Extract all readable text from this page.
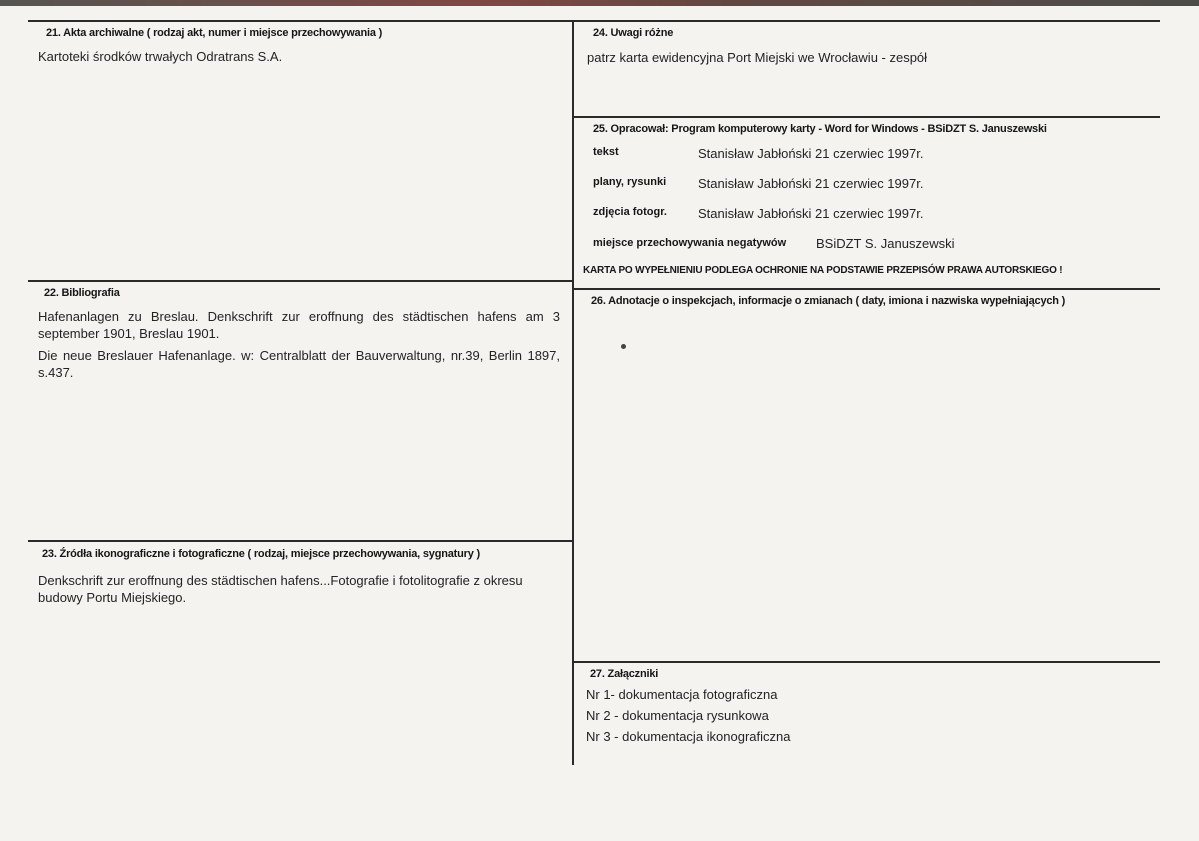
21. Akta archiwalne ( rodzaj akt, numer i miejsce przechowywania )
Kartoteki środków trwałych Odratrans S.A.
22. Bibliografia
Hafenanlagen zu Breslau. Denkschrift zur eroffnung des städtischen hafens am 3 september 1901, Breslau 1901.
Die neue Breslauer Hafenanlage. w: Centralblatt der Bauverwaltung, nr.39, Berlin 1897, s.437.
23. Źródła ikonograficzne i fotograficzne ( rodzaj, miejsce przechowywania, sygnatury )
Denkschrift zur eroffnung des städtischen hafens...Fotografie i fotolitografie z okresu budowy Portu Miejskiego.
24. Uwagi różne
patrz karta ewidencyjna Port Miejski we Wrocławiu - zespół
25. Opracował: Program komputerowy karty - Word for Windows - BSiDZT S. Januszewski
tekst	Stanisław Jabłoński 21 czerwiec 1997r.
plany, rysunki Stanisław Jabłoński 21 czerwiec 1997r.
zdjęcia fotogr. Stanisław Jabłoński 21 czerwiec 1997r.
miejsce przechowywania negatywów BSiDZT S. Januszewski
KARTA PO WYPEŁNIENIU PODLEGA OCHRONIE NA PODSTAWIE PRZEPISÓW PRAWA AUTORSKIEGO !
26. Adnotacje o inspekcjach, informacje o zmianach ( daty, imiona i nazwiska wypełniających )
27. Załączniki
Nr 1- dokumentacja fotograficzna
Nr 2 - dokumentacja rysunkowa
Nr 3 - dokumentacja ikonograficzna
